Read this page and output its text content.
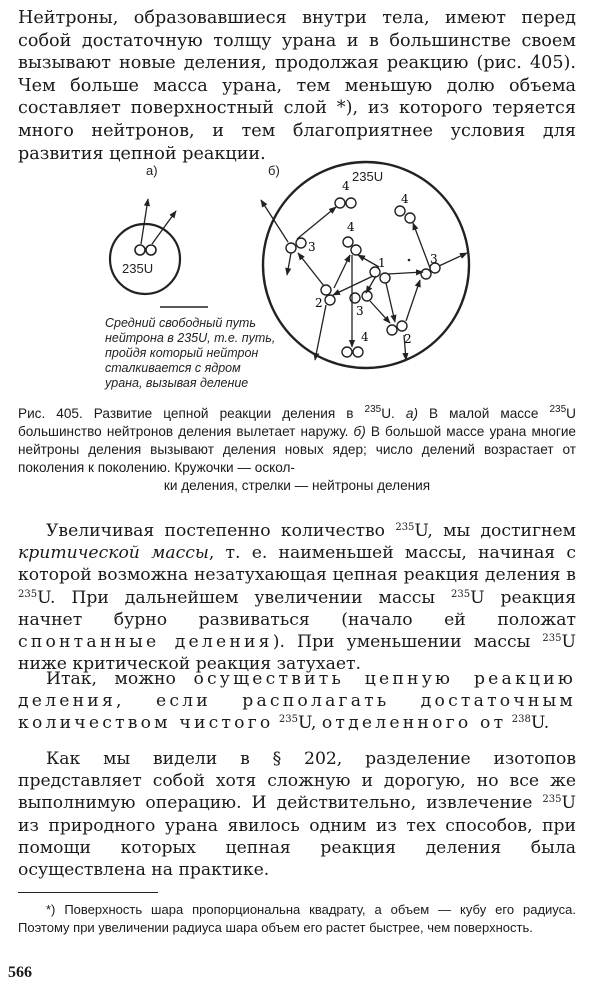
Нейтроны, образовавшиеся внутри тела, имеют перед собой достаточную толщу урана и в большинстве своем вызывают новые деления, продолжая реакцию (рис. 405). Чем больше масса урана, тем меньшую долю объема составляет поверхностный слой *), из которого теряется много нейтронов, и тем благоприятнее условия для развития цепной реакции.

а)	б)
235U
Средний свободный путь
нейтрона в 235U, т.е. путь,
пройдя который нейтрон
сталкивается с ядром
урана, вызывая деление
235U
1
2
2
3
3
3
4
4
4
4

Рис. 405. Развитие цепной реакции деления в $^{235}$U. а) В малой массе $^{235}$U большинство нейтронов деления вылетает наружу. б) В большой массе урана многие нейтроны деления вызывают деления новых ядер; число делений возрастает от поколения к поколению. Кружочки — оскол-
ки деления, стрелки — нейтроны деления

Увеличивая постепенно количество $^{235}$U, мы достигнем критической массы, т. е. наименьшей массы, начиная с которой возможна незатухающая цепная реакция деления в $^{235}$U. При дальнейшем увеличении массы $^{235}$U реакция начнет бурно развиваться (начало ей положат спонтанные деления). При уменьшении массы $^{235}$U ниже критической реакция затухает.

Итак, можно осуществить цепную реакцию деления, если располагать достаточным количеством чистого $^{235}$U, отделенного от $^{238}$U.

Как мы видели в § 202, разделение изотопов представляет собой хотя сложную и дорогую, но все же выполнимую операцию. И действительно, извлечение $^{235}$U из природного урана явилось одним из тех способов, при помощи которых цепная реакция деления была осуществлена на практике.

*) Поверхность шара пропорциональна квадрату, а объем — кубу его радиуса. Поэтому при увеличении радиуса шара объем его растет быстрее, чем поверхность.

566
